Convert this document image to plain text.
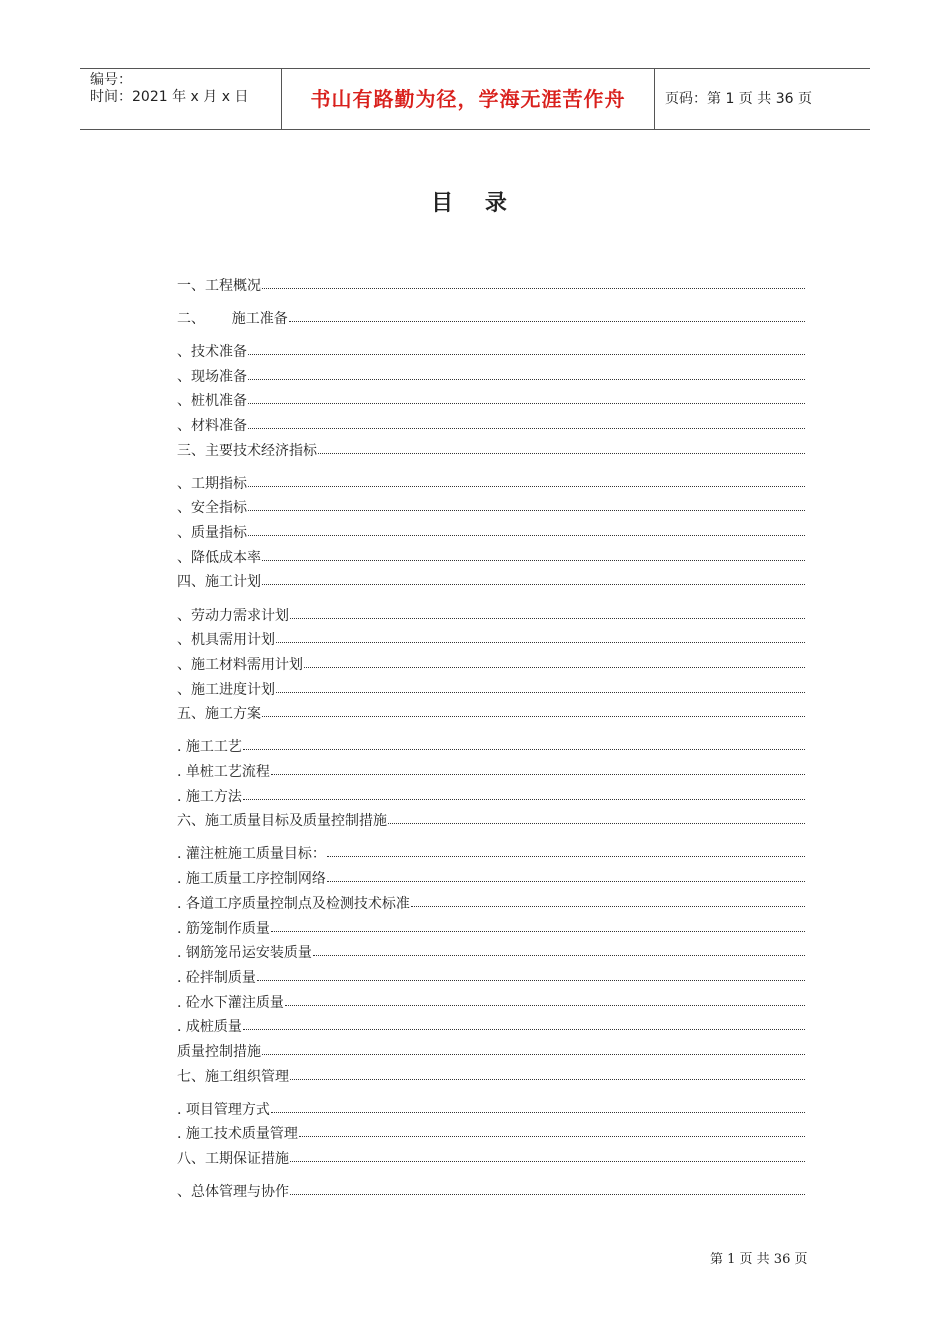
编号：
时间：2021 年 x 月 x 日	书山有路勤为径，学海无涯苦作舟	页码：第 1 页 共 36 页
目 录
一、工程概况
二、      施工准备
、技术准备
、现场准备
、桩机准备
、材料准备
三、主要技术经济指标
、工期指标
、安全指标
、质量指标
、降低成本率
四、施工计划
、劳动力需求计划
、机具需用计划
、施工材料需用计划
、施工进度计划
五、施工方案
. 施工工艺
. 单桩工艺流程
. 施工方法
六、施工质量目标及质量控制措施
. 灌注桩施工质量目标：
. 施工质量工序控制网络
. 各道工序质量控制点及检测技术标准
. 筋笼制作质量
. 钢筋笼吊运安装质量
. 砼拌制质量
. 砼水下灌注质量
. 成桩质量
质量控制措施
七、施工组织管理
. 项目管理方式
. 施工技术质量管理
八、工期保证措施
、总体管理与协作
第 1 页 共 36 页
